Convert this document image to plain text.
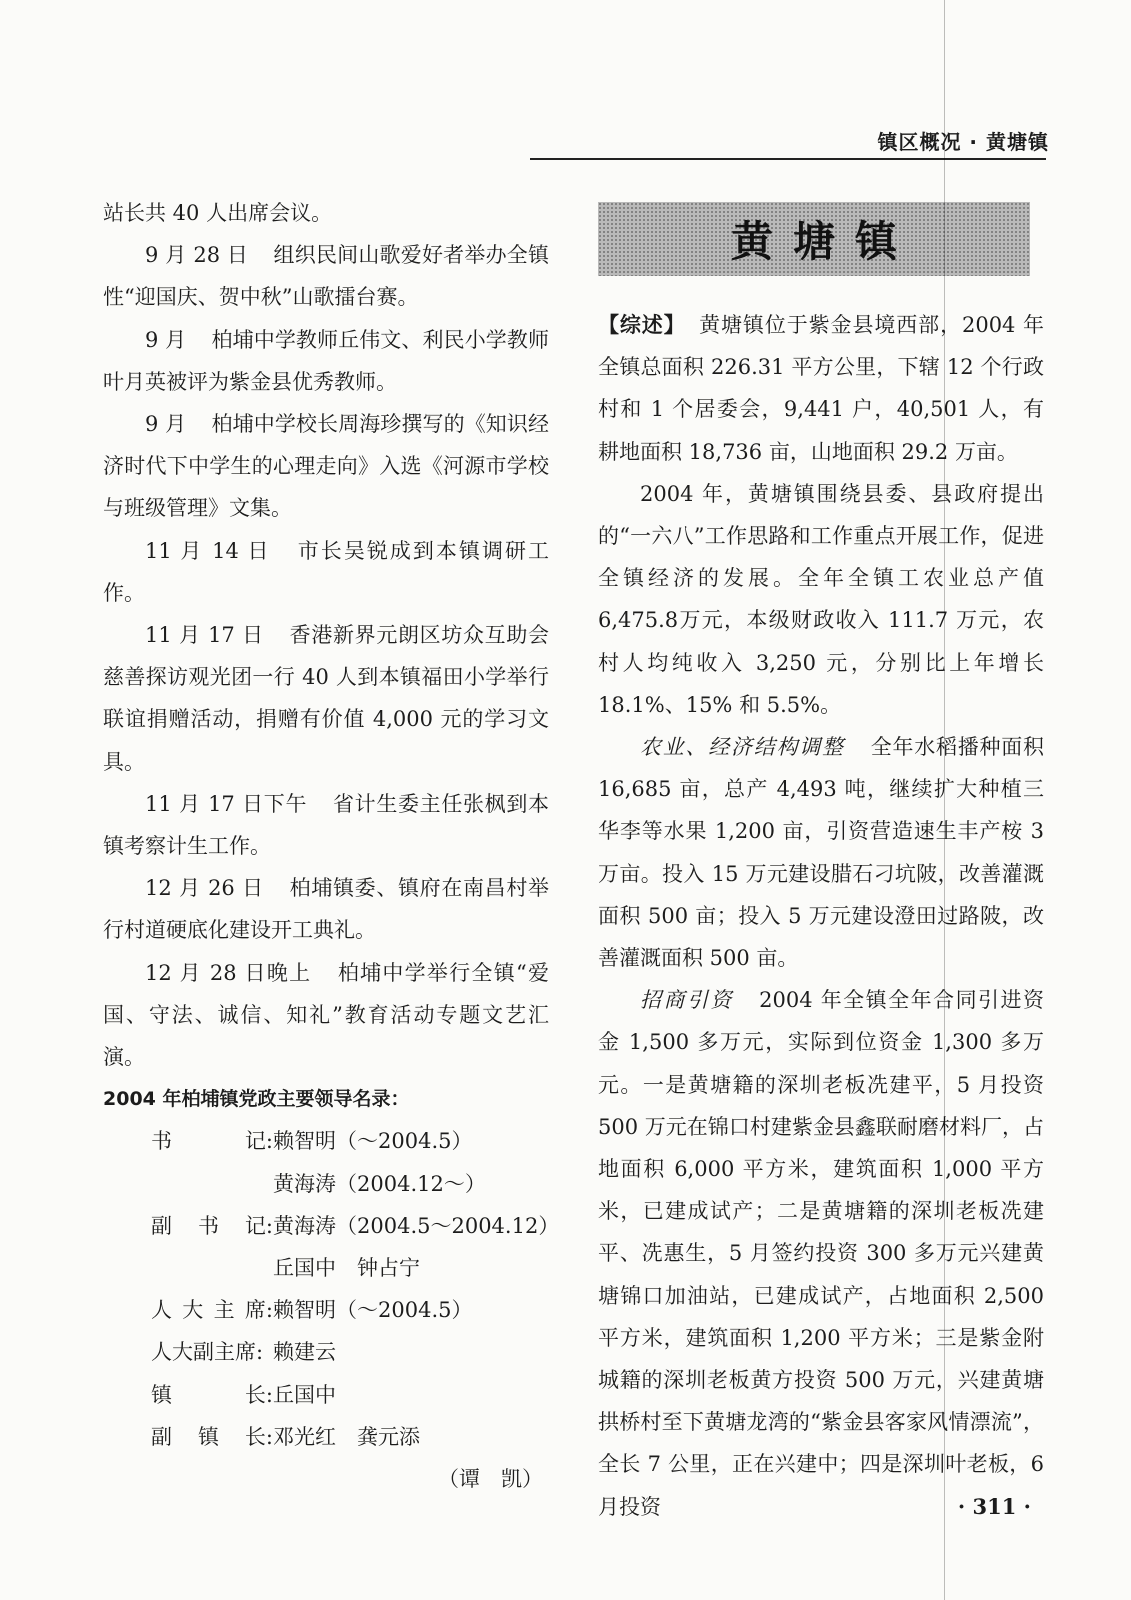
镇区概况 · 黄塘镇

站长共 40 人出席会议。

9 月 28 日 组织民间山歌爱好者举办全镇性“迎国庆、贺中秋”山歌擂台赛。

9 月 柏埔中学教师丘伟文、利民小学教师叶月英被评为紫金县优秀教师。

9 月 柏埔中学校长周海珍撰写的《知识经济时代下中学生的心理走向》入选《河源市学校与班级管理》文集。

11 月 14 日 市长吴锐成到本镇调研工作。

11 月 17 日 香港新界元朗区坊众互助会慈善探访观光团一行 40 人到本镇福田小学举行联谊捐赠活动，捐赠有价值 4,000 元的学习文具。

11 月 17 日下午 省计生委主任张枫到本镇考察计生工作。

12 月 26 日 柏埔镇委、镇府在南昌村举行村道硬底化建设开工典礼。

12 月 28 日晚上 柏埔中学举行全镇“爱国、守法、诚信、知礼”教育活动专题文艺汇演。

2004 年柏埔镇党政主要领导名录：
书	记: 赖智明（～2004.5）
黄海涛（2004.12～）
副 书 记: 黄海涛（2004.5～2004.12）
丘国中　钟占宁
人 大 主 席: 赖智明（～2004.5）
人大副主席: 赖建云
镇	长: 丘国中
副 镇 长: 邓光红　龚元添
（谭　凯）
黄塘镇

【综述】 黄塘镇位于紫金县境西部，2004 年全镇总面积 226.31 平方公里，下辖 12 个行政村和 1 个居委会，9,441 户，40,501 人，有耕地面积 18,736 亩，山地面积 29.2 万亩。

2004 年，黄塘镇围绕县委、县政府提出的“一六八”工作思路和工作重点开展工作，促进全镇经济的发展。全年全镇工农业总产值 6,475.8万元，本级财政收入 111.7 万元，农村人均纯收入 3,250 元，分别比上年增长 18.1%、15% 和 5.5%。

农业、经济结构调整 全年水稻播种面积 16,685 亩，总产 4,493 吨，继续扩大种植三华李等水果 1,200 亩，引资营造速生丰产桉 3 万亩。投入 15 万元建设腊石刁坑陂，改善灌溉面积 500 亩；投入 5 万元建设澄田过路陂，改善灌溉面积 500 亩。

招商引资 2004 年全镇全年合同引进资金 1,500 多万元，实际到位资金 1,300 多万元。一是黄塘籍的深圳老板冼建平，5 月投资 500 万元在锦口村建紫金县鑫联耐磨材料厂，占地面积 6,000 平方米，建筑面积 1,000 平方米，已建成试产；二是黄塘籍的深圳老板冼建平、冼惠生，5 月签约投资 300 多万元兴建黄塘锦口加油站，已建成试产，占地面积 2,500 平方米，建筑面积 1,200 平方米；三是紫金附城籍的深圳老板黄方投资 500 万元，兴建黄塘拱桥村至下黄塘龙湾的“紫金县客家风情漂流”，全长 7 公里，正在兴建中；四是深圳叶老板，6 月投资	· 311 ·
